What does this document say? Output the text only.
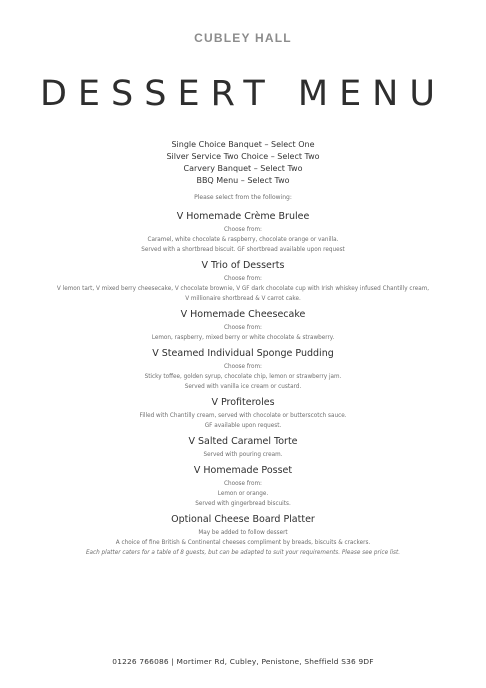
CUBLEY HALL
DESSERT MENU
Single Choice Banquet – Select One
Silver Service Two Choice – Select Two
Carvery Banquet – Select Two
BBQ Menu – Select Two
Please select from the following:
V Homemade Crème Brulee
Choose from:
Caramel, white chocolate & raspberry, chocolate orange or vanilla.
Served with a shortbread biscuit. GF shortbread available upon request
V Trio of Desserts
Choose from:
V lemon tart, V mixed berry cheesecake, V chocolate brownie, V GF dark chocolate cup with Irish whiskey infused Chantilly cream,
V millionaire shortbread & V carrot cake.
V Homemade Cheesecake
Choose from:
Lemon, raspberry, mixed berry or white chocolate & strawberry.
V Steamed Individual Sponge Pudding
Choose from:
Sticky toffee, golden syrup, chocolate chip, lemon or strawberry jam.
Served with vanilla ice cream or custard.
V Profiteroles
Filled with Chantilly cream, served with chocolate or butterscotch sauce.
GF available upon request.
V Salted Caramel Torte
Served with pouring cream.
V Homemade Posset
Choose from:
Lemon or orange.
Served with gingerbread biscuits.
Optional Cheese Board Platter
May be added to follow dessert
A choice of fine British & Continental cheeses compliment by breads, biscuits & crackers.
Each platter caters for a table of 8 guests, but can be adapted to suit your requirements. Please see price list.
01226 766086 | Mortimer Rd, Cubley, Penistone, Sheffield S36 9DF
